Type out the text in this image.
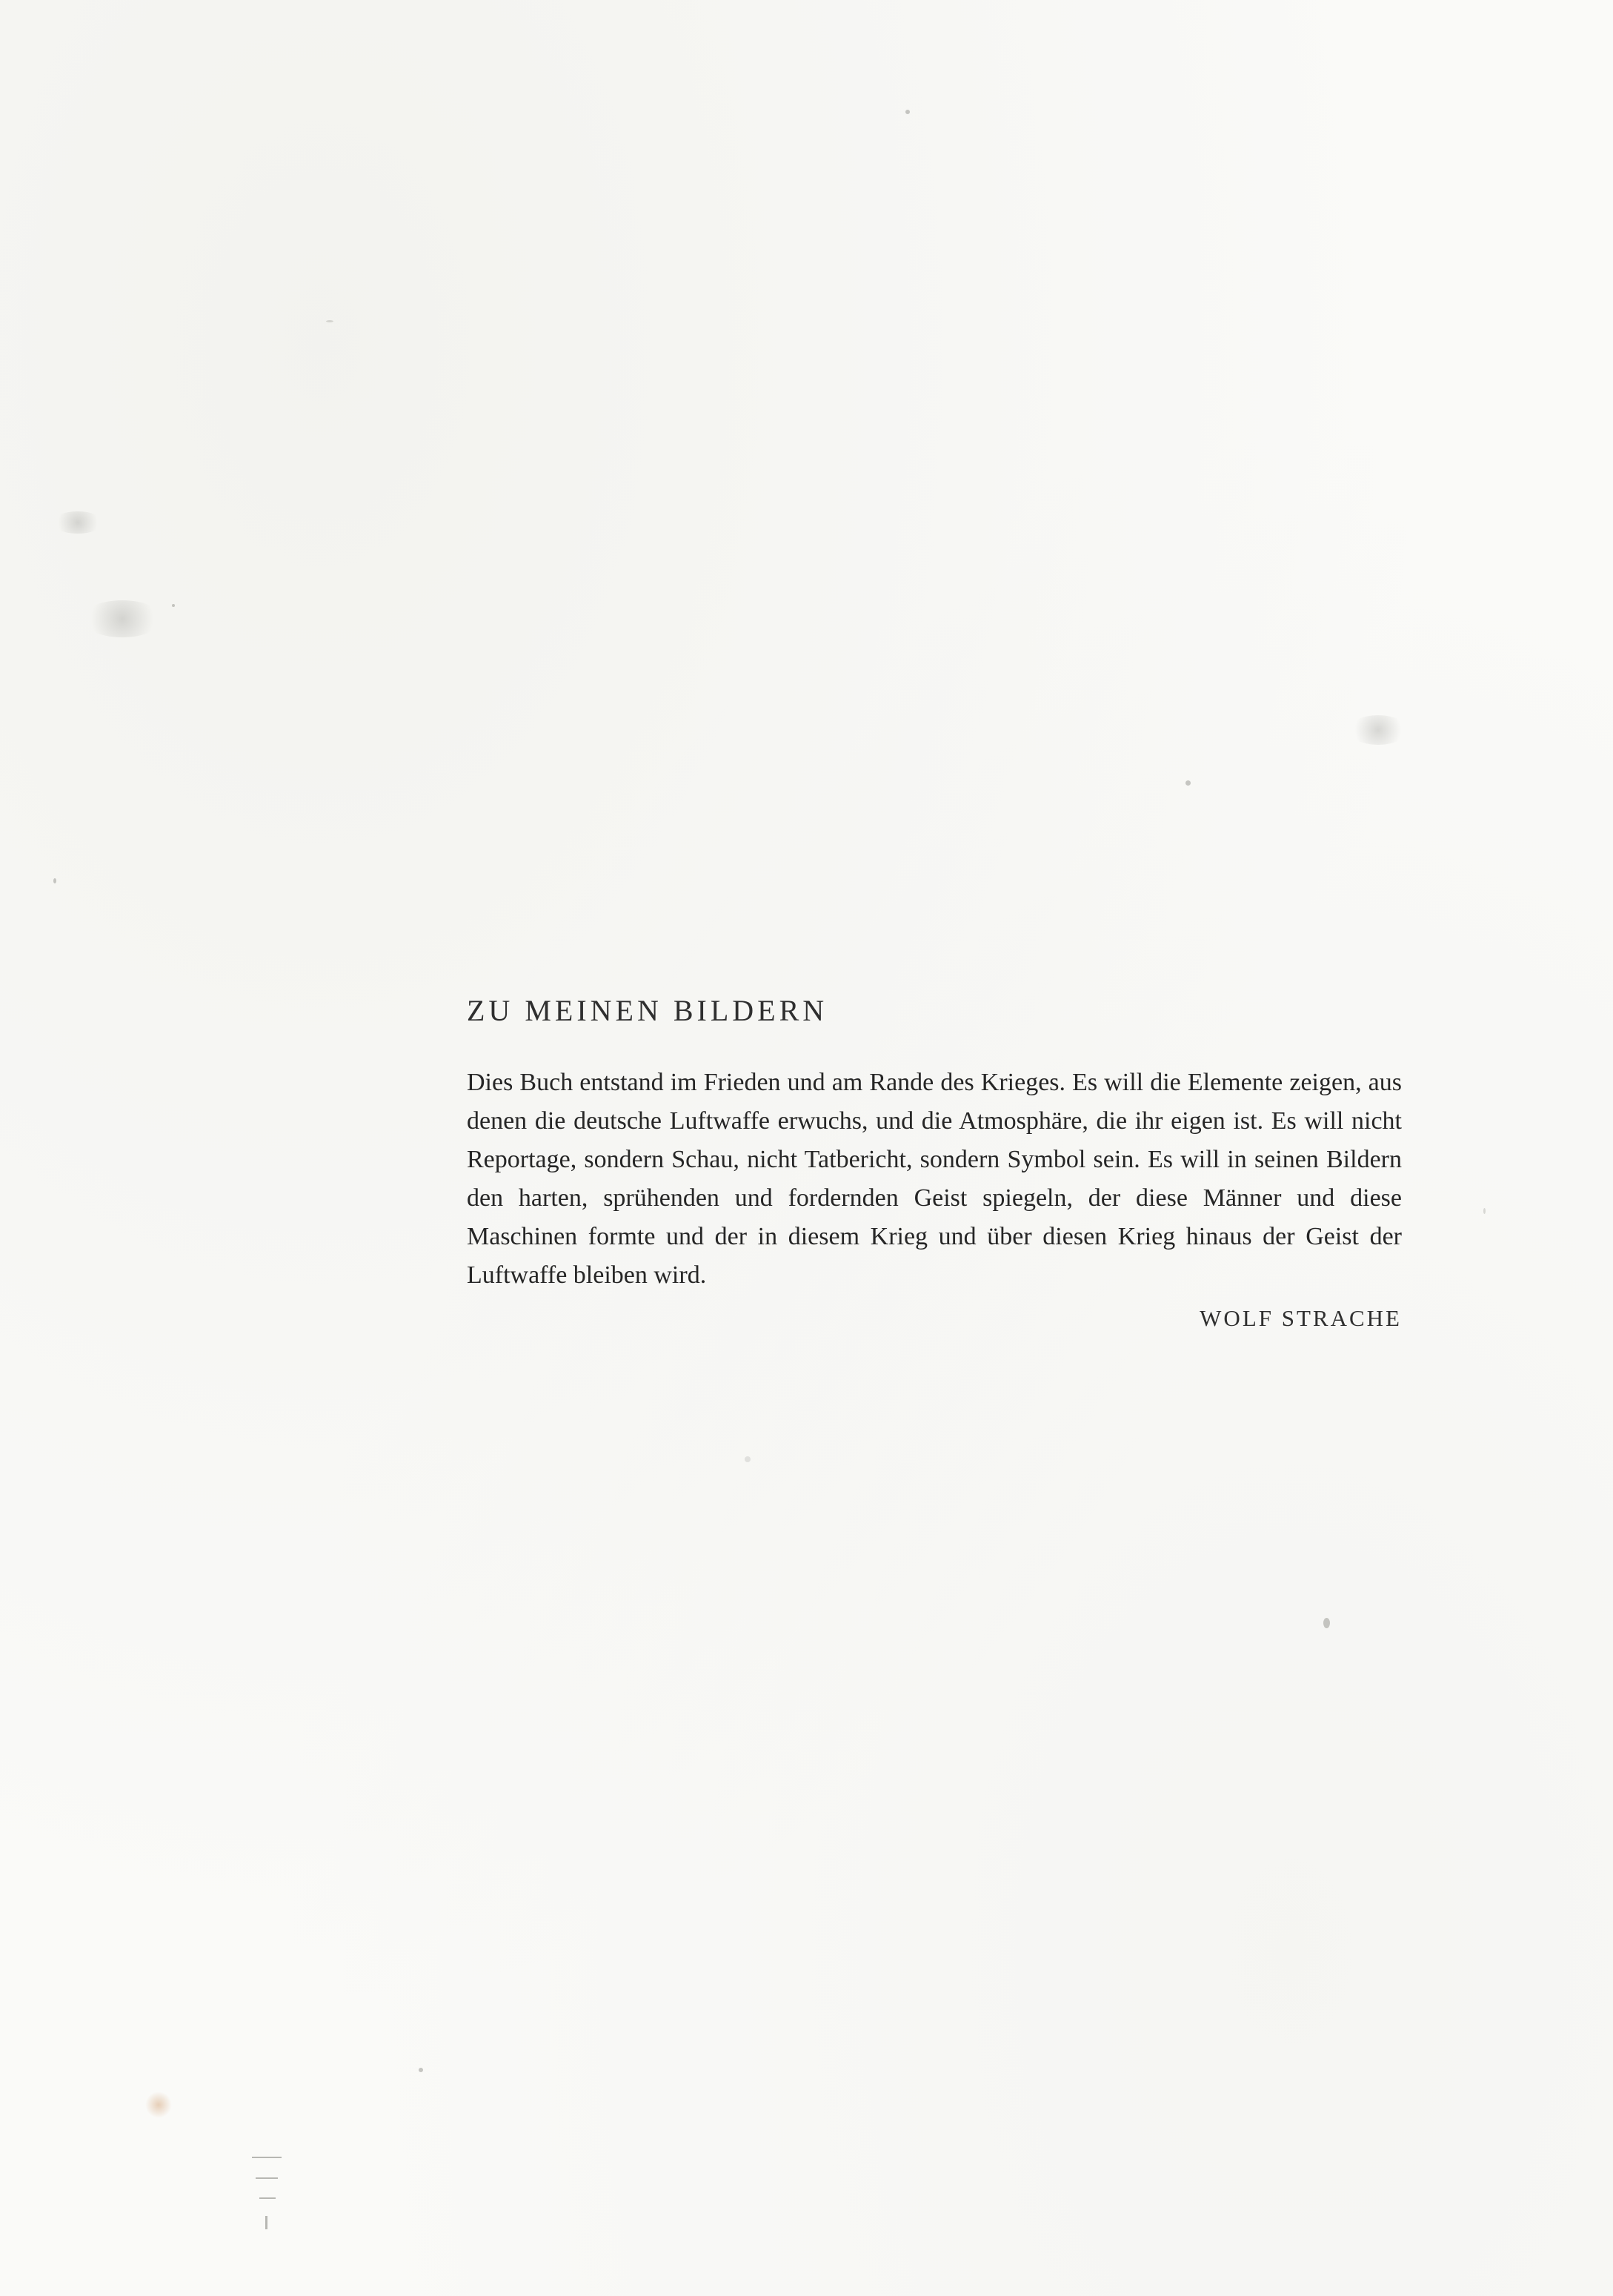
ZU MEINEN BILDERN

Dies Buch entstand im Frieden und am Rande des Krieges. Es will die Elemente zeigen, aus denen die deutsche Luftwaffe erwuchs, und die Atmosphäre, die ihr eigen ist. Es will nicht Reportage, sondern Schau, nicht Tatbericht, sondern Symbol sein. Es will in seinen Bildern den harten, sprühenden und fordernden Geist spiegeln, der diese Männer und diese Maschinen formte und der in diesem Krieg und über diesen Krieg hinaus der Geist der Luftwaffe bleiben wird.

WOLF STRACHE
